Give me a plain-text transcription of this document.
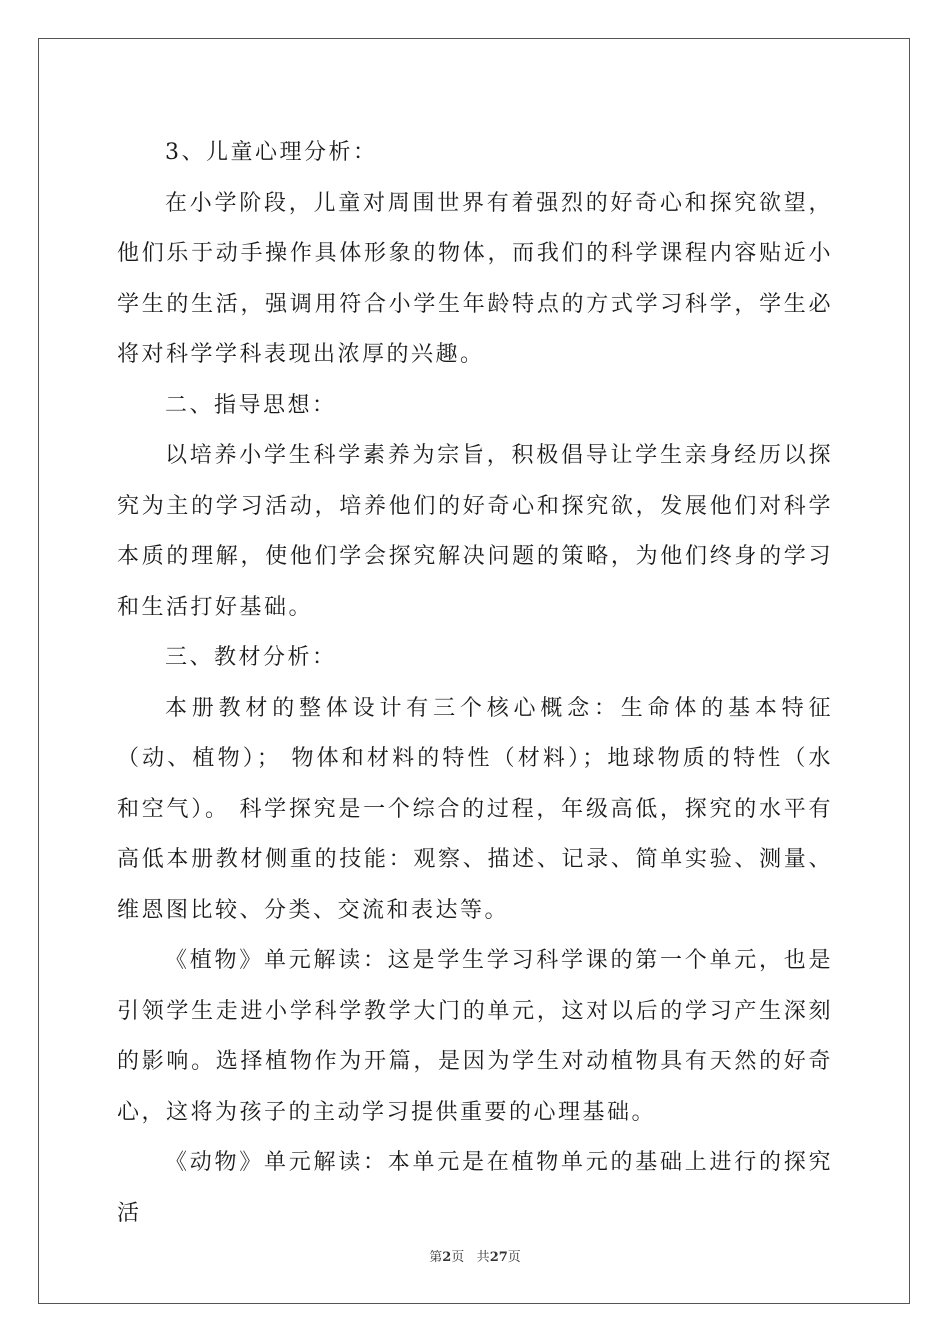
3、儿童心理分析：

在小学阶段，儿童对周围世界有着强烈的好奇心和探究欲望，他们乐于动手操作具体形象的物体，而我们的科学课程内容贴近小学生的生活，强调用符合小学生年龄特点的方式学习科学，学生必将对科学学科表现出浓厚的兴趣。

二、指导思想：

以培养小学生科学素养为宗旨，积极倡导让学生亲身经历以探究为主的学习活动，培养他们的好奇心和探究欲，发展他们对科学本质的理解，使他们学会探究解决问题的策略，为他们终身的学习和生活打好基础。

三、教材分析：

本册教材的整体设计有三个核心概念：生命体的基本特征（动、植物）； 物体和材料的特性（材料）；地球物质的特性（水和空气）。 科学探究是一个综合的过程，年级高低，探究的水平有高低本册教材侧重的技能：观察、描述、记录、简单实验、测量、维恩图比较、分类、交流和表达等。

《植物》单元解读：这是学生学习科学课的第一个单元，也是引领学生走进小学科学教学大门的单元，这对以后的学习产生深刻的影响。选择植物作为开篇，是因为学生对动植物具有天然的好奇心，这将为孩子的主动学习提供重要的心理基础。

《动物》单元解读：本单元是在植物单元的基础上进行的探究活

第2页 共27页
